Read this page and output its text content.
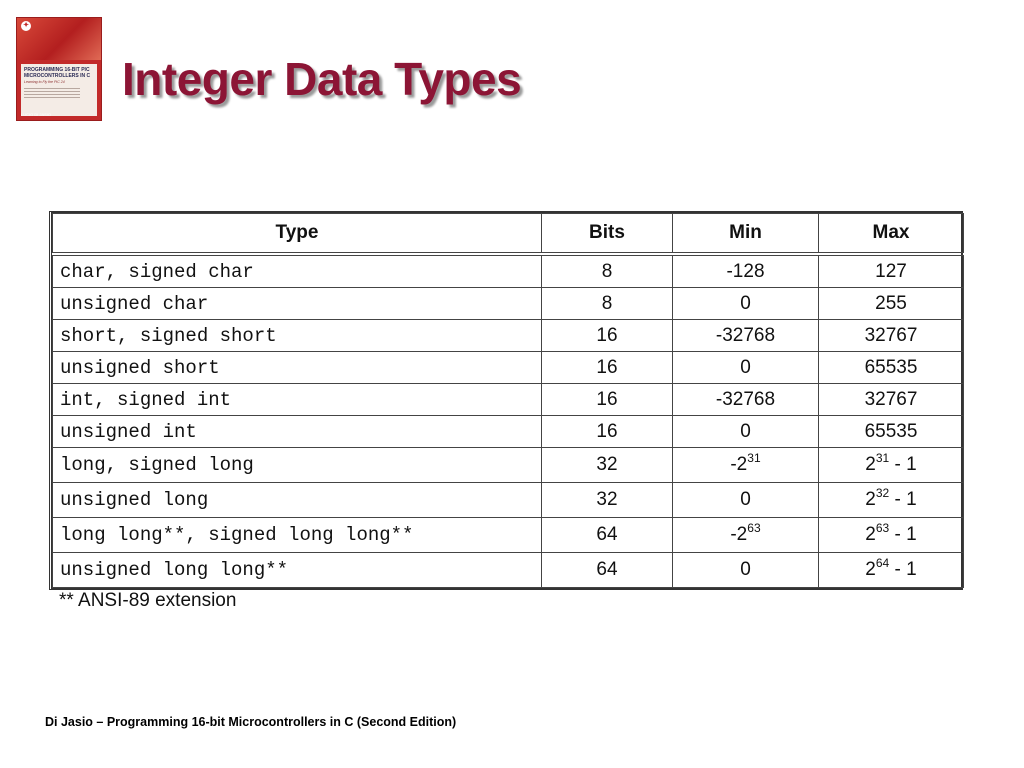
✦
PROGRAMMING 16-BIT PIC
MICROCONTROLLERS IN C
Learning to Fly the PIC 24
LUCIO DI JASIO
Integer Data Types
Type	Bits	Min	Max
char, signed char	8	-128	127
unsigned char	8	0	255
short, signed short	16	-32768	32767
unsigned short	16	0	65535
int, signed int	16	-32768	32767
unsigned int	16	0	65535
long, signed long	32	$-2^{31}$	$2^{31} - 1$
unsigned long	32	0	$2^{32} - 1$
long long**, signed long long**	64	$-2^{63}$	$2^{63} - 1$
unsigned long long**	64	0	$2^{64} - 1$
** ANSI-89 extension
Di Jasio – Programming 16-bit Microcontrollers in C (Second Edition)
